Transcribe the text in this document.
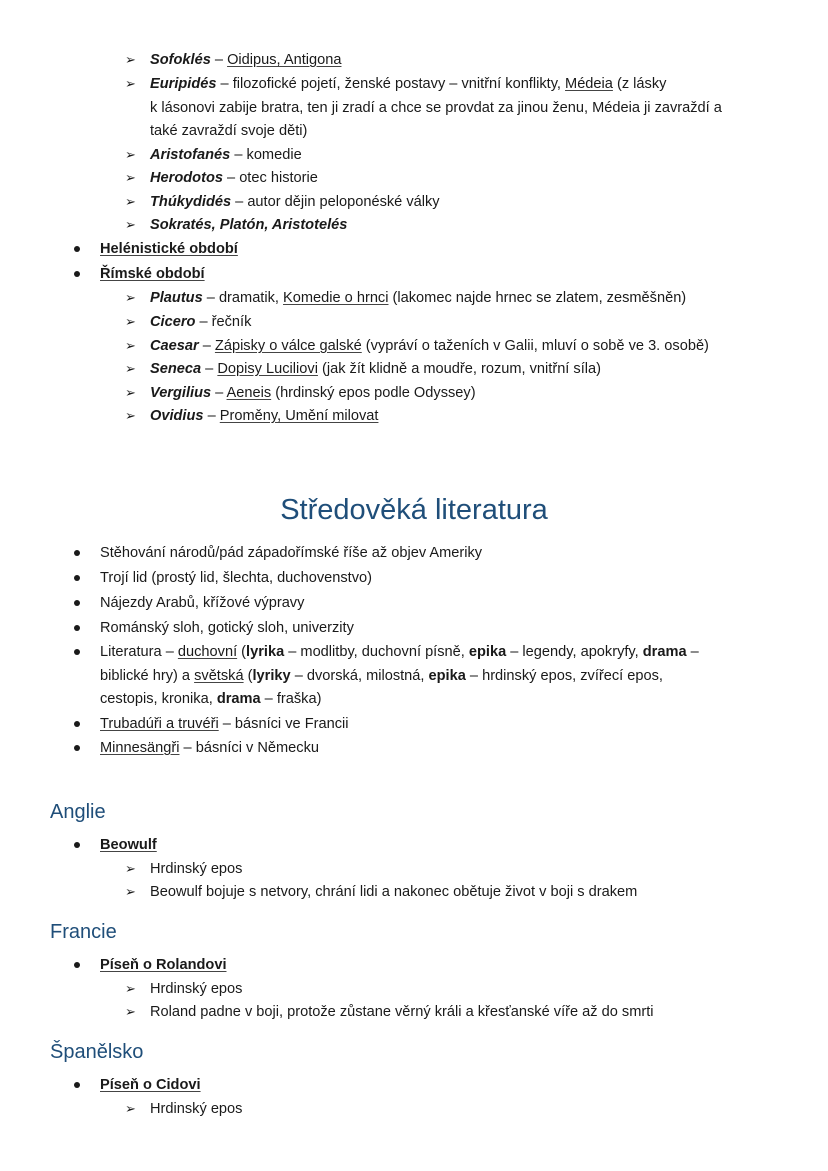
➢
Sofoklés – Oidipus, Antigona
➢
Euripidés – filozofické pojetí, ženské postavy – vnitřní konflikty, Médeia (z lásky
k lásonovi zabije bratra, ten ji zradí a chce se provdat za jinou ženu, Médeia ji zavraždí a
také zavraždí svoje děti)
➢
Aristofanés – komedie
➢
Herodotos – otec historie
➢
Thúkydidés – autor dějin peloponéské války
➢
Sokratés, Platón, Aristotelés
Helénistické období
Římské období
➢
Plautus – dramatik, Komedie o hrnci (lakomec najde hrnec se zlatem, zesměšněn)
➢
Cicero – řečník
➢
Caesar – Zápisky o válce galské (vypráví o taženích v Galii, mluví o sobě ve 3. osobě)
➢
Seneca – Dopisy Luciliovi (jak žít klidně a moudře, rozum, vnitřní síla)
➢
Vergilius – Aeneis (hrdinský epos podle Odyssey)
➢
Ovidius – Proměny, Umění milovat
Středověká literatura
Stěhování národů/pád západořímské říše až objev Ameriky
Trojí lid (prostý lid, šlechta, duchovenstvo)
Nájezdy Arabů, křížové výpravy
Románský sloh, gotický sloh, univerzity
Literatura – duchovní (lyrika – modlitby, duchovní písně, epika – legendy, apokryfy, drama –
biblické hry) a světská (lyriky – dvorská, milostná, epika – hrdinský epos, zvířecí epos,
cestopis, kronika, drama – fraška)
Trubadúři a truvéři – básníci ve Francii
Minnesängři – básníci v Německu
Anglie
Beowulf
➢
Hrdinský epos
➢
Beowulf bojuje s netvory, chrání lidi a nakonec obětuje život v boji s drakem
Francie
Píseň o Rolandovi
➢
Hrdinský epos
➢
Roland padne v boji, protože zůstane věrný králi a křesťanské víře až do smrti
Španělsko
Píseň o Cidovi
➢
Hrdinský epos
